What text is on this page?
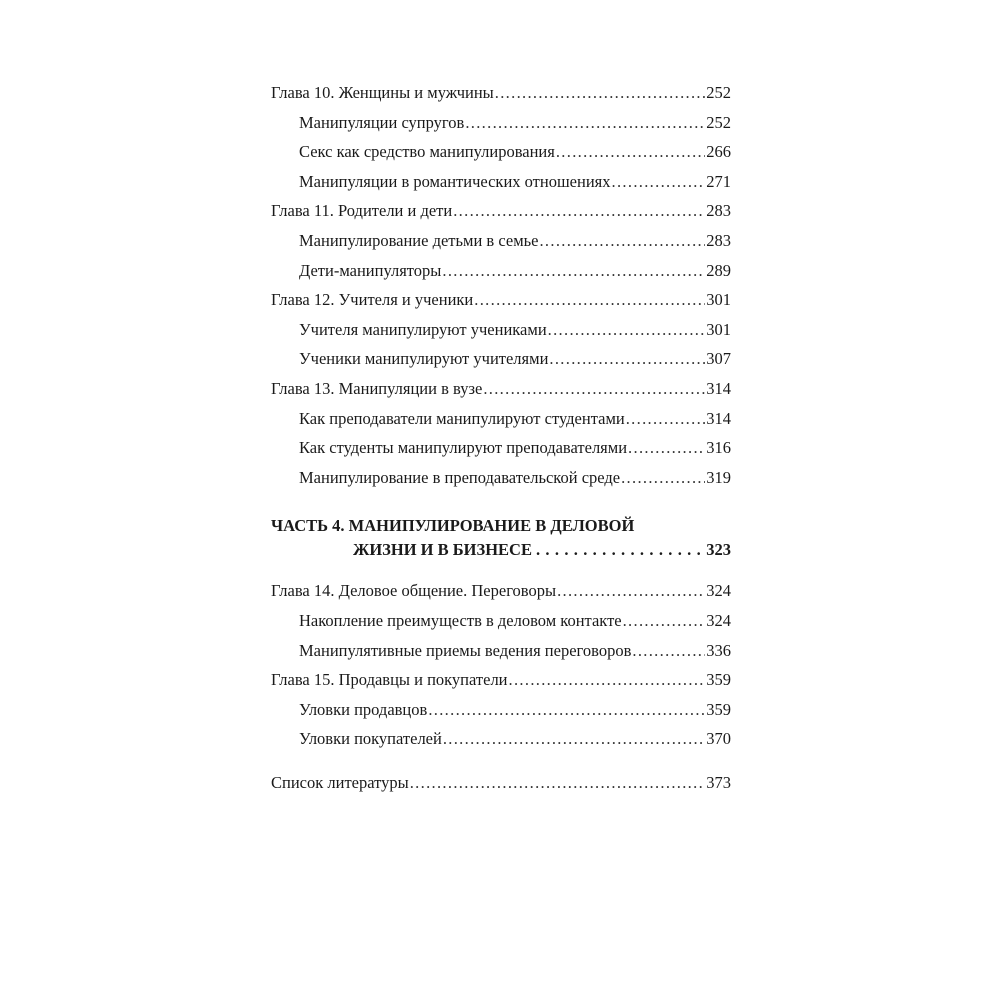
Глава 10. Женщины и мужчины . . .	252
Манипуляции супругов . . .	252
Секс как средство манипулирования . . .	266
Манипуляции в романтических отношениях . . .	271
Глава 11. Родители и дети . . .	283
Манипулирование детьми в семье . . .	283
Дети-манипуляторы . . .	289
Глава 12. Учителя и ученики . . .	301
Учителя манипулируют учениками . . .	301
Ученики манипулируют учителями . . .	307
Глава 13. Манипуляции в вузе . . .	314
Как преподаватели манипулируют студентами . . .	314
Как студенты манипулируют преподавателями . . .	316
Манипулирование в преподавательской среде . . .	319
ЧАСТЬ 4. МАНИПУЛИРОВАНИЕ В ДЕЛОВОЙ
ЖИЗНИ И В БИЗНЕСЕ . . .	323
Глава 14. Деловое общение. Переговоры . . .	324
Накопление преимуществ в деловом контакте . . .	324
Манипулятивные приемы ведения переговоров . . .	336
Глава 15. Продавцы и покупатели . . .	359
Уловки продавцов . . .	359
Уловки покупателей . . .	370
Список литературы . . .	373
